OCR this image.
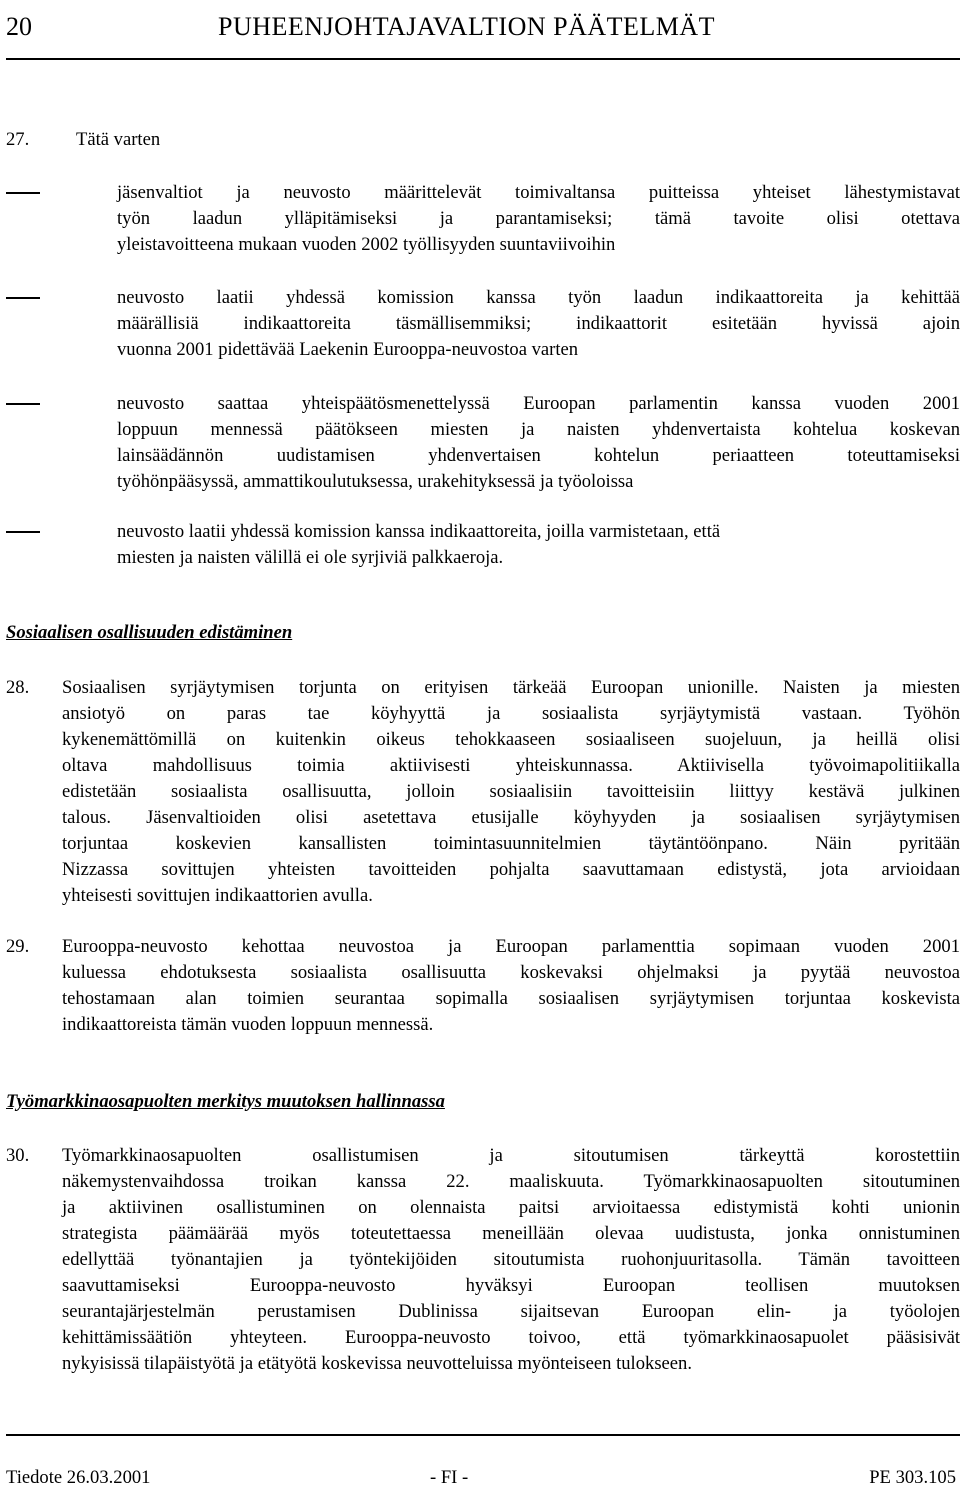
20	PUHEENJOHTAJAVALTION PÄÄTELMÄT
27.	Tätä varten
jäsenvaltiot ja neuvosto määrittelevät toimivaltansa puitteissa yhteiset lähestymistavat
työn laadun ylläpitämiseksi ja parantamiseksi; tämä tavoite olisi otettava
yleistavoitteena mukaan vuoden 2002 työllisyyden suuntaviivoihin
neuvosto laatii yhdessä komission kanssa työn laadun indikaattoreita ja kehittää
määrällisiä indikaattoreita täsmällisemmiksi; indikaattorit esitetään hyvissä ajoin
vuonna 2001 pidettävää Laekenin Eurooppa-neuvostoa varten
neuvosto saattaa yhteispäätösmenettelyssä Euroopan parlamentin kanssa vuoden 2001
loppuun mennessä päätökseen miesten ja naisten yhdenvertaista kohtelua koskevan
lainsäädännön uudistamisen yhdenvertaisen kohtelun periaatteen toteuttamiseksi
työhönpääsyssä, ammattikoulutuksessa, urakehityksessä ja työoloissa
neuvosto laatii yhdessä komission kanssa indikaattoreita, joilla varmistetaan, että
miesten ja naisten välillä ei ole syrjiviä palkkaeroja.
Sosiaalisen osallisuuden edistäminen
28. Sosiaalisen syrjäytymisen torjunta on erityisen tärkeää Euroopan unionille. Naisten ja miesten
ansiotyö on paras tae köyhyyttä ja sosiaalista syrjäytymistä vastaan. Työhön
kykenemättömillä on kuitenkin oikeus tehokkaaseen sosiaaliseen suojeluun, ja heillä olisi
oltava mahdollisuus toimia aktiivisesti yhteiskunnassa. Aktiivisella työvoimapolitiikalla
edistetään sosiaalista osallisuutta, jolloin sosiaalisiin tavoitteisiin liittyy kestävä julkinen
talous. Jäsenvaltioiden olisi asetettava etusijalle köyhyyden ja sosiaalisen syrjäytymisen
torjuntaa koskevien kansallisten toimintasuunnitelmien täytäntöönpano. Näin pyritään
Nizzassa sovittujen yhteisten tavoitteiden pohjalta saavuttamaan edistystä, jota arvioidaan
yhteisesti sovittujen indikaattorien avulla.
29. Eurooppa-neuvosto kehottaa neuvostoa ja Euroopan parlamenttia sopimaan vuoden 2001
kuluessa ehdotuksesta sosiaalista osallisuutta koskevaksi ohjelmaksi ja pyytää neuvostoa
tehostamaan alan toimien seurantaa sopimalla sosiaalisen syrjäytymisen torjuntaa koskevista
indikaattoreista tämän vuoden loppuun mennessä.
Työmarkkinaosapuolten merkitys muutoksen hallinnassa
30. Työmarkkinaosapuolten osallistumisen ja sitoutumisen tärkeyttä korostettiin
näkemystenvaihdossa troikan kanssa 22. maaliskuuta. Työmarkkinaosapuolten sitoutuminen
ja aktiivinen osallistuminen on olennaista paitsi arvioitaessa edistymistä kohti unionin
strategista päämäärää myös toteutettaessa meneillään olevaa uudistusta, jonka onnistuminen
edellyttää työnantajien ja työntekijöiden sitoutumista ruohonjuuritasolla. Tämän tavoitteen
saavuttamiseksi Eurooppa-neuvosto hyväksyi Euroopan teollisen muutoksen
seurantajärjestelmän perustamisen Dublinissa sijaitsevan Euroopan elin- ja työolojen
kehittämissäätiön yhteyteen. Eurooppa-neuvosto toivoo, että työmarkkinaosapuolet pääsisivät
nykyisissä tilapäistyötä ja etätyötä koskevissa neuvotteluissa myönteiseen tulokseen.
Tiedote 26.03.2001	- FI -	PE 303.105
